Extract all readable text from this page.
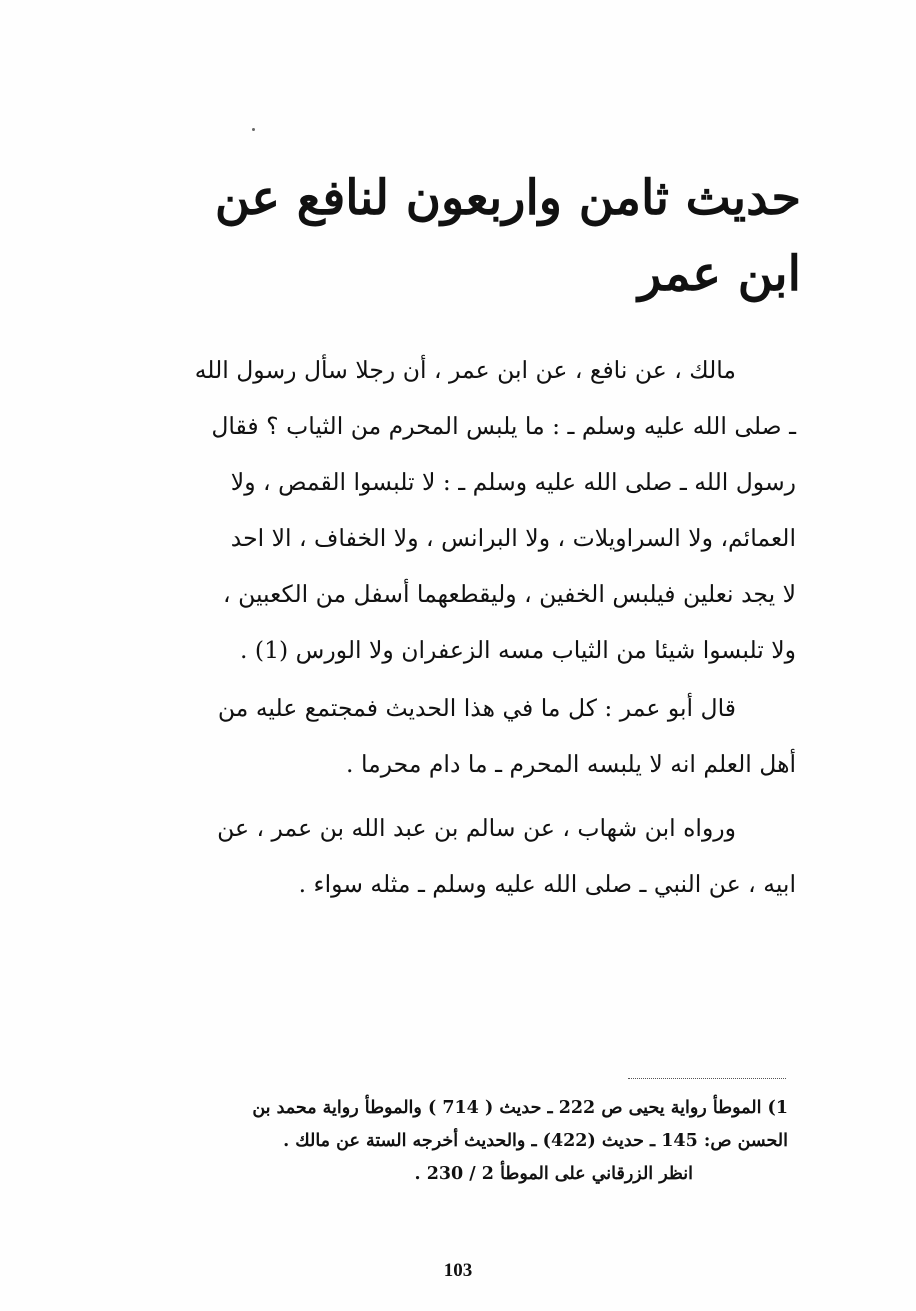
حديث ثامن واربعون لنافع عن
ابن عمر
مالك ، عن نافع ، عن ابن عمر ، أن رجلا سأل رسول الله
ـ صلى الله عليه وسلم ـ : ما يلبس المحرم من الثياب ؟ فقال
رسول الله ـ صلى الله عليه وسلم ـ : لا تلبسوا القمص ، ولا
العمائم، ولا السراويلات ، ولا البرانس ، ولا الخفاف ، الا احد
لا يجد نعلين فيلبس الخفين ، وليقطعهما أسفل من الكعبين ،
ولا تلبسوا شيئا من الثياب مسه الزعفران ولا الورس (1) .
قال أبو عمر : كل ما في هذا الحديث فمجتمع عليه من
أهل العلم انه لا يلبسه المحرم ـ ما دام محرما .
ورواه ابن شهاب ، عن سالم بن عبد الله بن عمر ، عن
ابيه ، عن النبي ـ صلى الله عليه وسلم ـ مثله سواء .
1) الموطأ رواية يحيى ص 222 ـ حديث ( 714 ) والموطأ رواية محمد بن
الحسن ص: 145 ـ حديث (422) ـ والحديث أخرجه الستة عن مالك .
انظر الزرقاني على الموطأ 2 / 230 .
103
